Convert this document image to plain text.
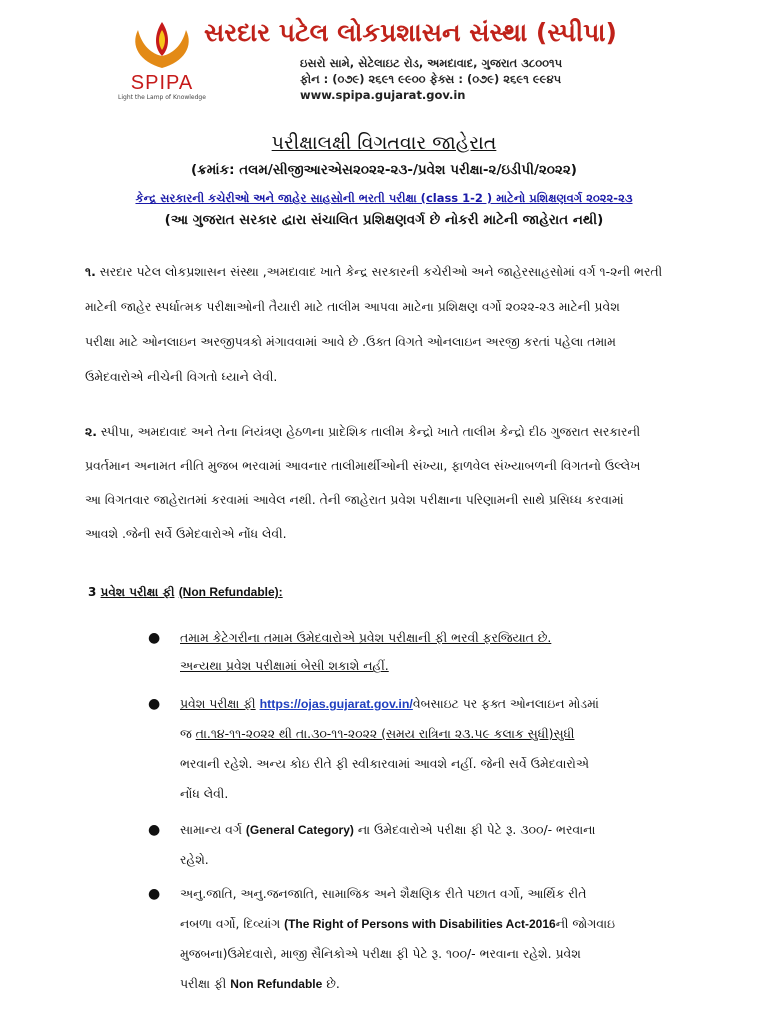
SPIPA
Light the Lamp of Knowledge
સરદાર પટેલ લોકપ્રશાસન સંસ્થા (સ્પીપા)
ઇસરો સામે, સેટેલાઇટ રોડ, અમદાવાદ, ગુજરાત ૩૮૦૦૧૫
ફોન : (૦૭૯) ૨૬૯૧ ૯૯૦૦ ફેક્સ : (૦૭૯) ૨૬૯૧ ૯૯૪૫
www.spipa.gujarat.gov.in
પરીક્ષાલક્ષી વિગતવાર જાહેરાત
(ક્રમાંક: તલમ/સીજીઆરએસ૨૦૨૨-૨૩-/પ્રવેશ પરીક્ષા-૨/ઇડીપી/૨૦૨૨)
કેન્દ્ર સરકારની કચેરીઓ અને જાહેર સાહસોની ભરતી પરીક્ષા (class 1-2 ) માટેનો પ્રશિક્ષણવર્ગ ૨૦૨૨-૨૩
(આ ગુજરાત સરકાર દ્વારા સંચાલિત પ્રશિક્ષણવર્ગ છે નોકરી માટેની જાહેરાત નથી)
૧. સરદાર પટેલ લોકપ્રશાસન સંસ્થા ,અમદાવાદ ખાતે કેન્દ્ર સરકારની કચેરીઓ અને જાહેરસાહસોમાં વર્ગ ૧-૨ની ભરતી
માટેની જાહેર સ્પર્ધાત્મક પરીક્ષાઓની તૈયારી માટે તાલીમ આપવા માટેના પ્રશિક્ષણ વર્ગો ૨૦૨૨-૨૩ માટેની પ્રવેશ
પરીક્ષા માટે ઓનલાઇન અરજીપત્રકો મંગાવવામાં આવે છે .ઉક્ત વિગતે ઓનલાઇન અરજી કરતાં પહેલા તમામ
ઉમેદવારોએ નીચેની વિગતો ધ્યાને લેવી.
૨. સ્પીપા, અમદાવાદ અને તેના નિયંત્રણ હેઠળના પ્રાદેશિક તાલીમ કેન્દ્રો ખાતે તાલીમ કેન્દ્રો દીઠ ગુજરાત સરકારની
પ્રવર્તમાન અનામત નીતિ મુજબ ભરવામાં આવનાર તાલીમાર્થીઓની સંખ્યા, ફાળવેલ સંખ્યાબળની વિગતનો ઉલ્લેખ
આ વિગતવાર જાહેરાતમાં કરવામાં આવેલ નથી. તેની જાહેરાત પ્રવેશ પરીક્ષાના પરિણામની સાથે પ્રસિધ્ધ કરવામાં
આવશે .જેની સર્વે ઉમેદવારોએ નોંધ લેવી.
3 પ્રવેશ પરીક્ષા ફી (Non Refundable):
● તમામ કેટેગરીના તમામ ઉમેદવારોએ પ્રવેશ પરીક્ષાની ફી ભરવી ફરજિયાત છે.
અન્યથા પ્રવેશ પરીક્ષામાં બેસી શકાશે નહીં.
● પ્રવેશ પરીક્ષા ફી https://ojas.gujarat.gov.in/વેબસાઇટ પર ફક્ત ઓનલાઇન મોડમાં
જ તા.૧૪-૧૧-૨૦૨૨ થી તા.૩૦-૧૧-૨૦૨૨ (સમય રાત્રિના ૨૩.૫૯ કલાક સુધી)સુધી
ભરવાની રહેશે. અન્ય કોઇ રીતે ફી સ્વીકારવામાં આવશે નહીં. જેની સર્વે ઉમેદવારોએ
નોંધ લેવી.
● સામાન્ય વર્ગ (General Category) ના ઉમેદવારોએ પરીક્ષા ફી પેટે રૂ. ૩૦૦/- ભરવાના
રહેશે.
● અનુ.જાતિ, અનુ.જનજાતિ, સામાજિક અને શૈક્ષણિક રીતે પછાત વર્ગો, આર્થિક રીતે
નબળા વર્ગો, દિવ્યાંગ (The Right of Persons with Disabilities Act-2016ની જોગવાઇ
મુજબના)ઉમેદવારો, માજી સૈનિકોએ પરીક્ષા ફી પેટે રૂ. ૧૦૦/- ભરવાના રહેશે. પ્રવેશ
પરીક્ષા ફી Non Refundable છે.
